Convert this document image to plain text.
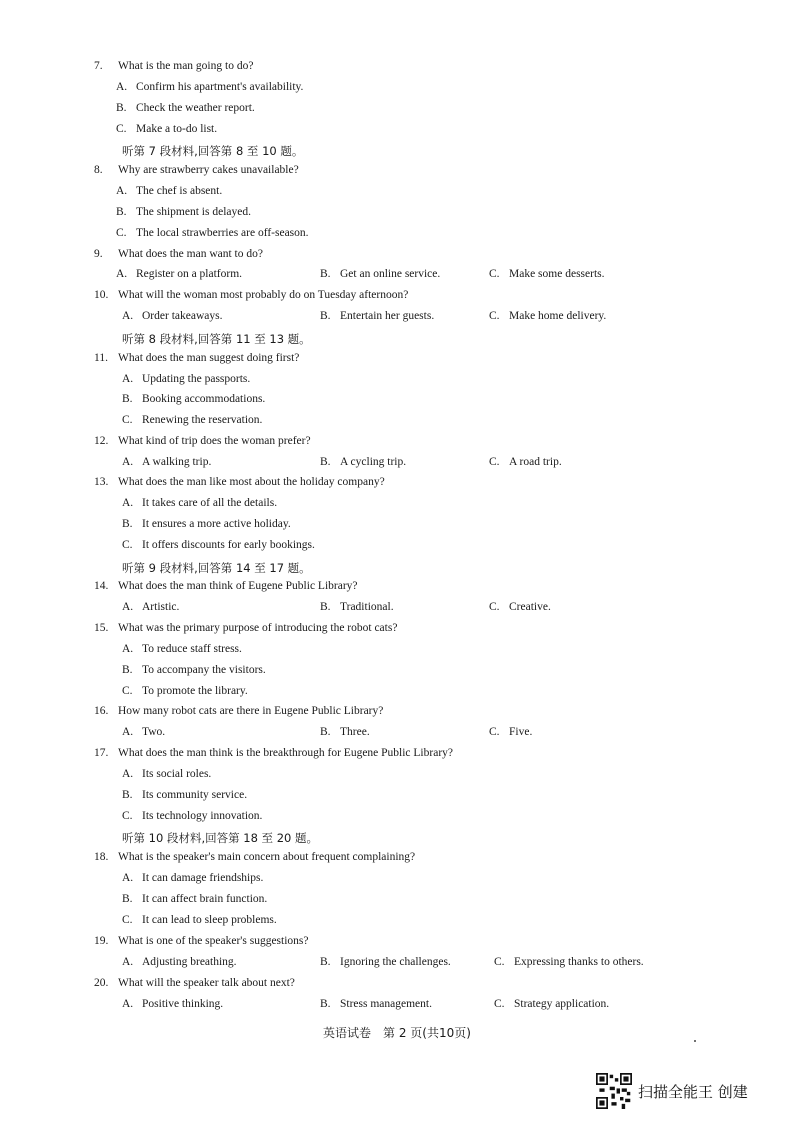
7. What is the man going to do?
A. Confirm his apartment's availability.
B. Check the weather report.
C. Make a to-do list.
听第 7 段材料,回答第 8 至 10 题。
8. Why are strawberry cakes unavailable?
A. The chef is absent.
B. The shipment is delayed.
C. The local strawberries are off-season.
9. What does the man want to do?
A. Register on a platform.	B. Get an online service.	C. Make some desserts.
10. What will the woman most probably do on Tuesday afternoon?
A. Order takeaways.	B. Entertain her guests.	C. Make home delivery.
听第 8 段材料,回答第 11 至 13 题。
11. What does the man suggest doing first?
A. Updating the passports.
B. Booking accommodations.
C. Renewing the reservation.
12. What kind of trip does the woman prefer?
A. A walking trip.	B. A cycling trip.	C. A road trip.
13. What does the man like most about the holiday company?
A. It takes care of all the details.
B. It ensures a more active holiday.
C. It offers discounts for early bookings.
听第 9 段材料,回答第 14 至 17 题。
14. What does the man think of Eugene Public Library?
A. Artistic.	B. Traditional.	C. Creative.
15. What was the primary purpose of introducing the robot cats?
A. To reduce staff stress.
B. To accompany the visitors.
C. To promote the library.
16. How many robot cats are there in Eugene Public Library?
A. Two.	B. Three.	C. Five.
17. What does the man think is the breakthrough for Eugene Public Library?
A. Its social roles.
B. Its community service.
C. Its technology innovation.
听第 10 段材料,回答第 18 至 20 题。
18. What is the speaker's main concern about frequent complaining?
A. It can damage friendships.
B. It can affect brain function.
C. It can lead to sleep problems.
19. What is one of the speaker's suggestions?
A. Adjusting breathing.	B. Ignoring the challenges.	C. Expressing thanks to others.
20. What will the speaker talk about next?
A. Positive thinking.	B. Stress management.	C. Strategy application.
英语试卷　第 2 页(共10页)
扫描全能王 创建
